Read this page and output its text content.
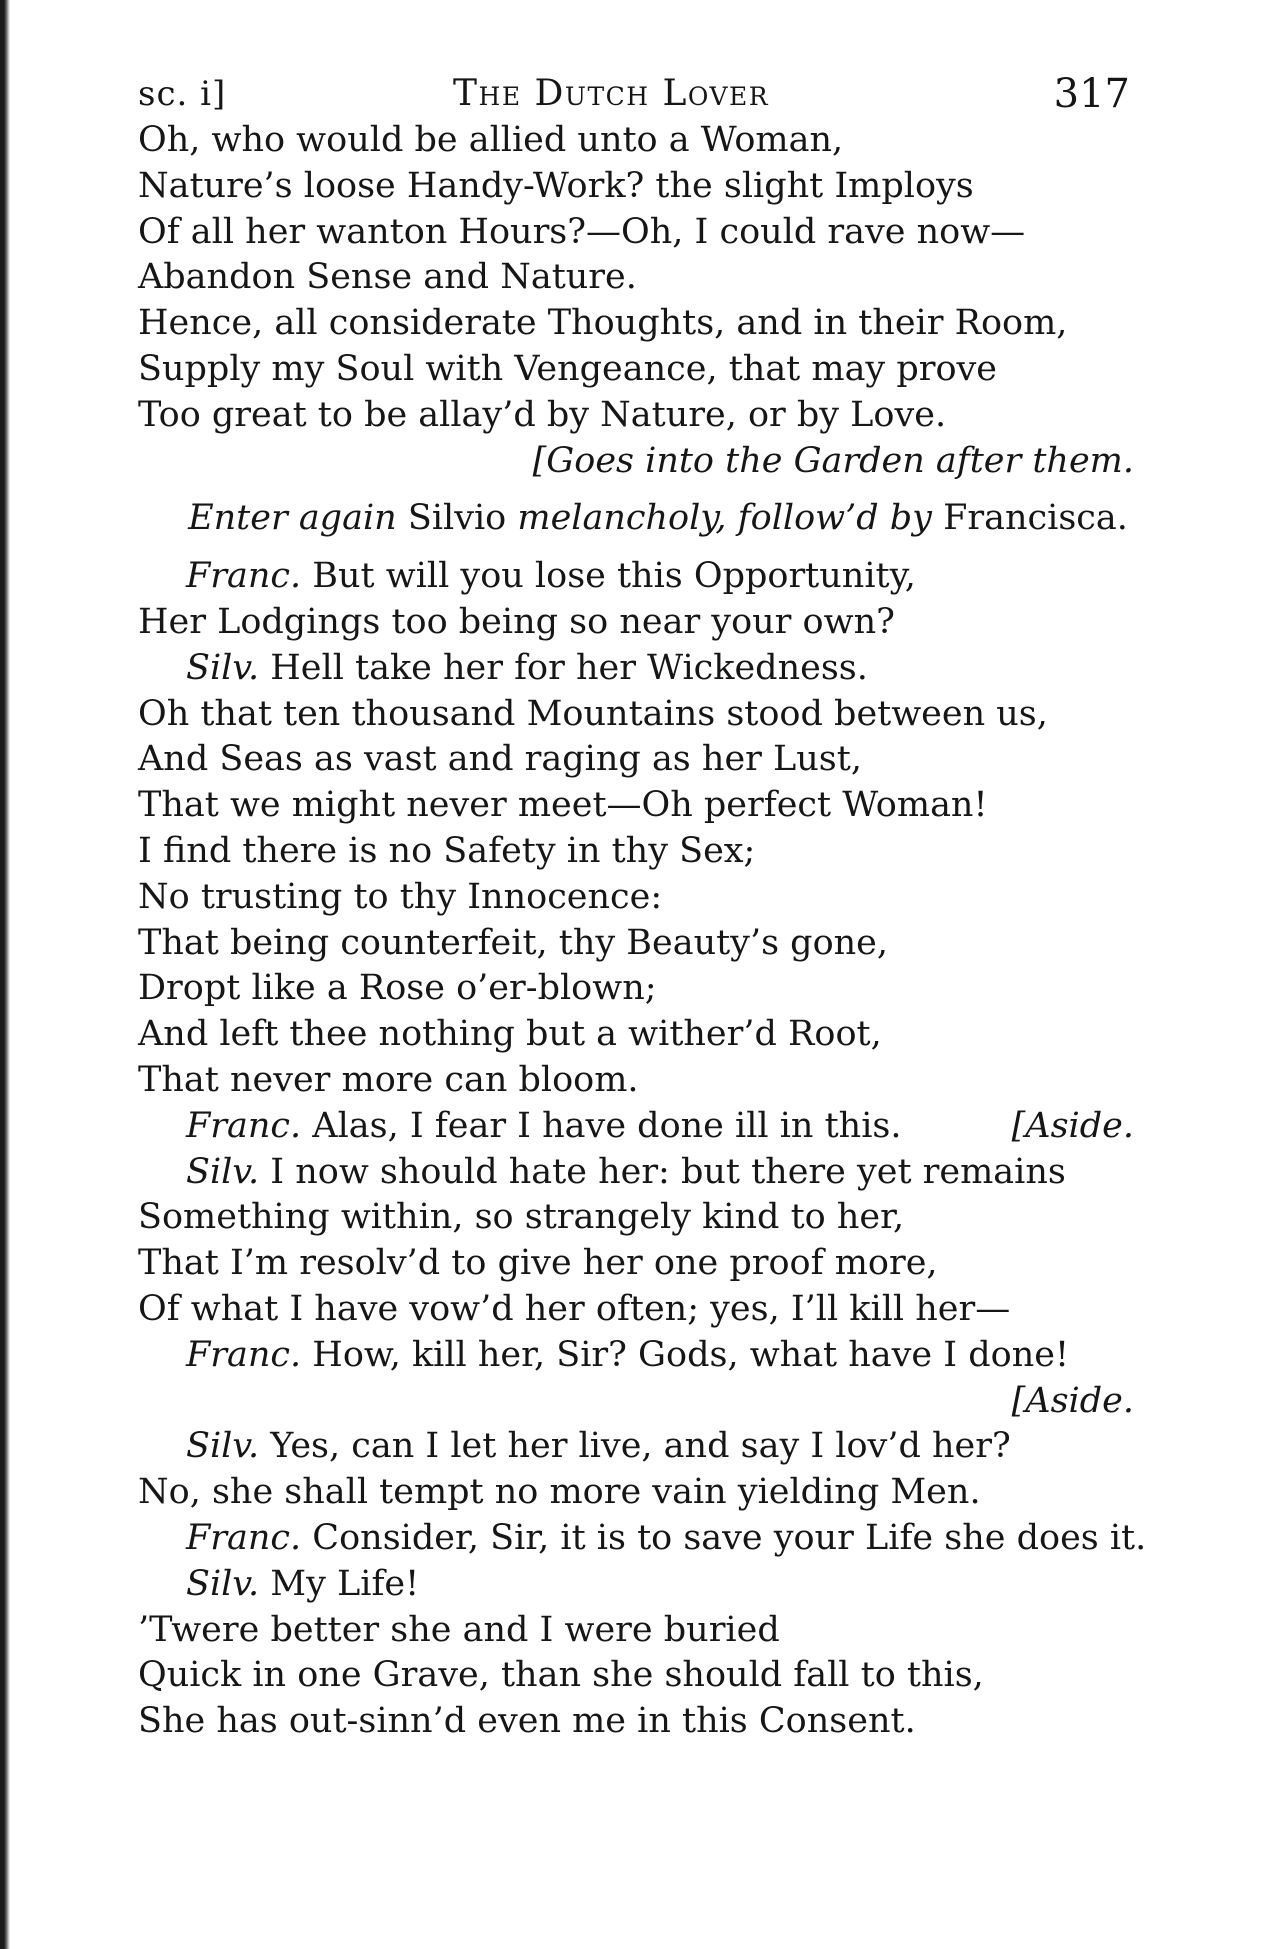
sc. i]	The Dutch Lover	317
Oh, who would be allied unto a Woman,
Nature’s loose Handy-Work? the slight Imploys
Of all her wanton Hours?—Oh, I could rave now—
Abandon Sense and Nature.
Hence, all considerate Thoughts, and in their Room,
Supply my Soul with Vengeance, that may prove
Too great to be allay’d by Nature, or by Love.
[Goes into the Garden after them.
Enter again Silvio melancholy, follow’d by Francisca.
Franc. But will you lose this Opportunity,
Her Lodgings too being so near your own?
Silv. Hell take her for her Wickedness.
Oh that ten thousand Mountains stood between us,
And Seas as vast and raging as her Lust,
That we might never meet—Oh perfect Woman!
I find there is no Safety in thy Sex;
No trusting to thy Innocence:
That being counterfeit, thy Beauty’s gone,
Dropt like a Rose o’er-blown;
And left thee nothing but a wither’d Root,
That never more can bloom.
Franc. Alas, I fear I have done ill in this.	[Aside.
Silv. I now should hate her: but there yet remains
Something within, so strangely kind to her,
That I’m resolv’d to give her one proof more,
Of what I have vow’d her often; yes, I’ll kill her—
Franc. How, kill her, Sir? Gods, what have I done!
[Aside.
Silv. Yes, can I let her live, and say I lov’d her?
No, she shall tempt no more vain yielding Men.
Franc. Consider, Sir, it is to save your Life she does it.
Silv. My Life!
’Twere better she and I were buried
Quick in one Grave, than she should fall to this,
She has out-sinn’d even me in this Consent.
